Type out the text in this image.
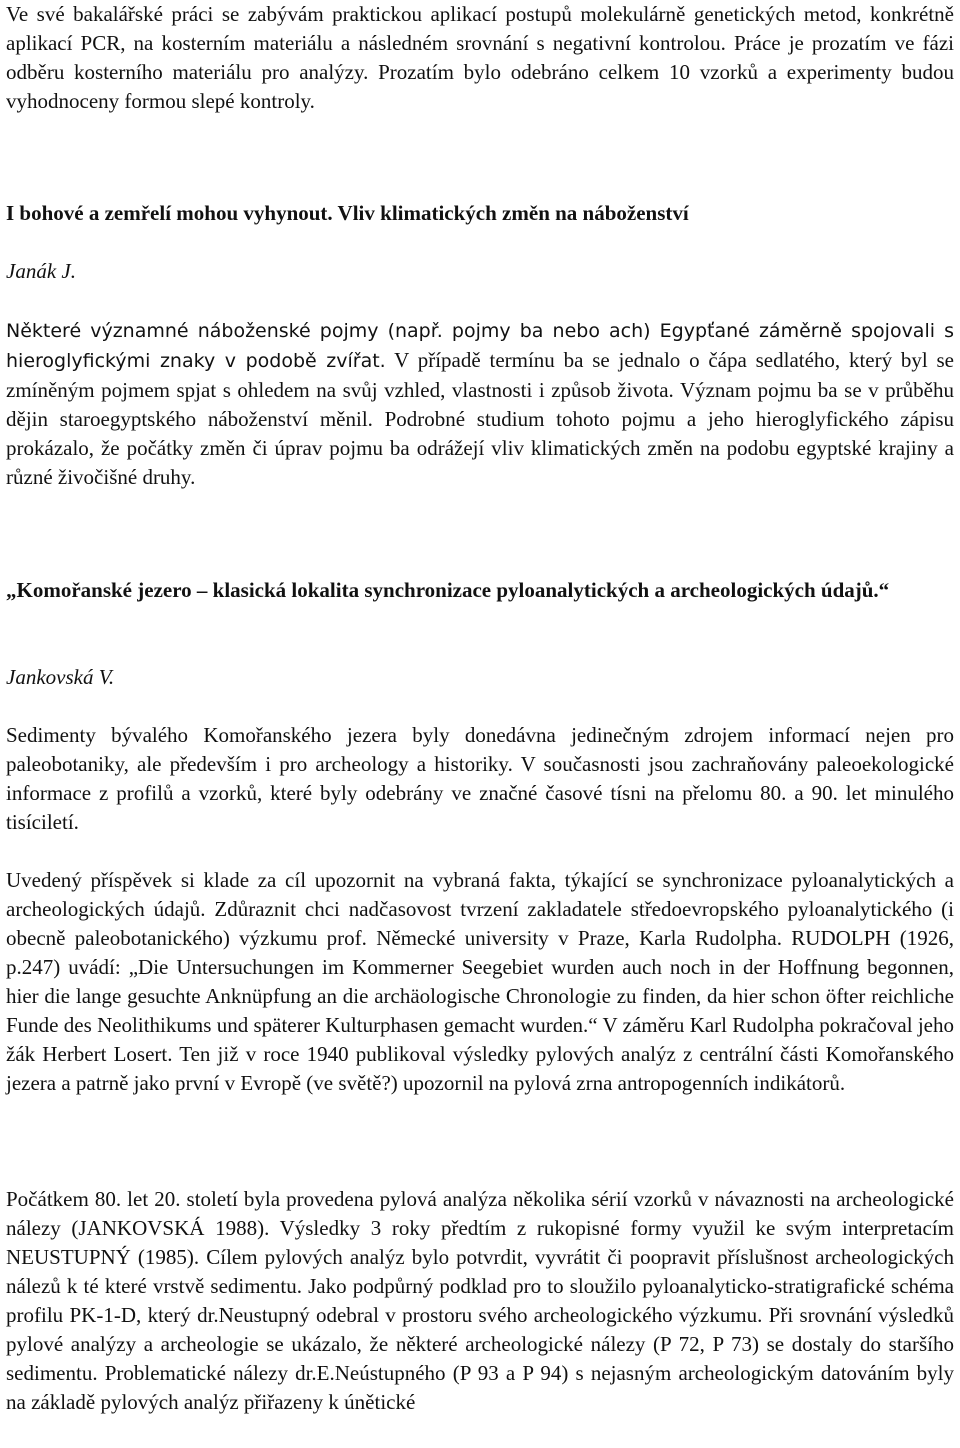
Ve své bakalářské práci se zabývám praktickou aplikací postupů molekulárně genetických metod, konkrétně aplikací PCR, na kosterním materiálu a následném srovnání s negativní kontrolou. Práce je prozatím ve fázi odběru kosterního materiálu pro analýzy. Prozatím bylo odebráno celkem 10 vzorků a experimenty budou vyhodnoceny formou slepé kontroly.

I bohové a zemřelí mohou vyhynout. Vliv klimatických změn na náboženství

Janák J.

Některé významné náboženské pojmy (např. pojmy ba nebo ach) Egypťané záměrně spojovali s hieroglyfickými znaky v podobě zvířat. V případě termínu ba se jednalo o čápa sedlatého, který byl se zmíněným pojmem spjat s ohledem na svůj vzhled, vlastnosti i způsob života. Význam pojmu ba se v průběhu dějin staroegyptského náboženství měnil. Podrobné studium tohoto pojmu a jeho hieroglyfického zápisu prokázalo, že počátky změn či úprav pojmu ba odrážejí vliv klimatických změn na podobu egyptské krajiny a různé živočišné druhy.

„Komořanské jezero – klasická lokalita synchronizace pyloanalytických a archeologických údajů.“

Jankovská V.

Sedimenty bývalého Komořanského jezera byly donedávna jedinečným zdrojem informací nejen pro paleobotaniky, ale především i pro archeology a historiky. V současnosti jsou zachraňovány paleoekologické informace z profilů a vzorků, které byly odebrány ve značné časové tísni na přelomu 80. a 90. let minulého tisíciletí.

Uvedený příspěvek si klade za cíl upozornit na vybraná fakta, týkající se synchronizace pyloanalytických a archeologických údajů. Zdůraznit chci nadčasovost tvrzení zakladatele středoevropského pyloanalytického (i obecně paleobotanického) výzkumu prof. Německé university v Praze, Karla Rudolpha. RUDOLPH (1926, p.247) uvádí: „Die Untersuchungen im Kommerner Seegebiet wurden auch noch in der Hoffnung begonnen, hier die lange gesuchte Anknüpfung an die archäologische Chronologie zu finden, da hier schon öfter reichliche Funde des Neolithikums und späterer Kulturphasen gemacht wurden.“ V záměru Karl Rudolpha pokračoval jeho žák Herbert Losert. Ten již v roce 1940 publikoval výsledky pylových analýz z centrální části Komořanského jezera a patrně jako první v Evropě (ve světě?) upozornil na pylová zrna antropogenních indikátorů.

Počátkem 80. let 20. století byla provedena pylová analýza několika sérií vzorků v návaznosti na archeologické nálezy (JANKOVSKÁ 1988). Výsledky 3 roky předtím z rukopisné formy využil ke svým interpretacím NEUSTUPNÝ (1985). Cílem pylových analýz bylo potvrdit, vyvrátit či poopravit příslušnost archeologických nálezů k té které vrstvě sedimentu. Jako podpůrný podklad pro to sloužilo pyloanalyticko-stratigrafické schéma profilu PK-1-D, který dr.Neustupný odebral v prostoru svého archeologického výzkumu. Při srovnání výsledků pylové analýzy a archeologie se ukázalo, že některé archeologické nálezy (P 72, P 73) se dostaly do staršího sedimentu. Problematické nálezy dr.E.Neústupného (P 93 a P 94) s nejasným archeologickým datováním byly na základě pylových analýz přiřazeny k únětické
